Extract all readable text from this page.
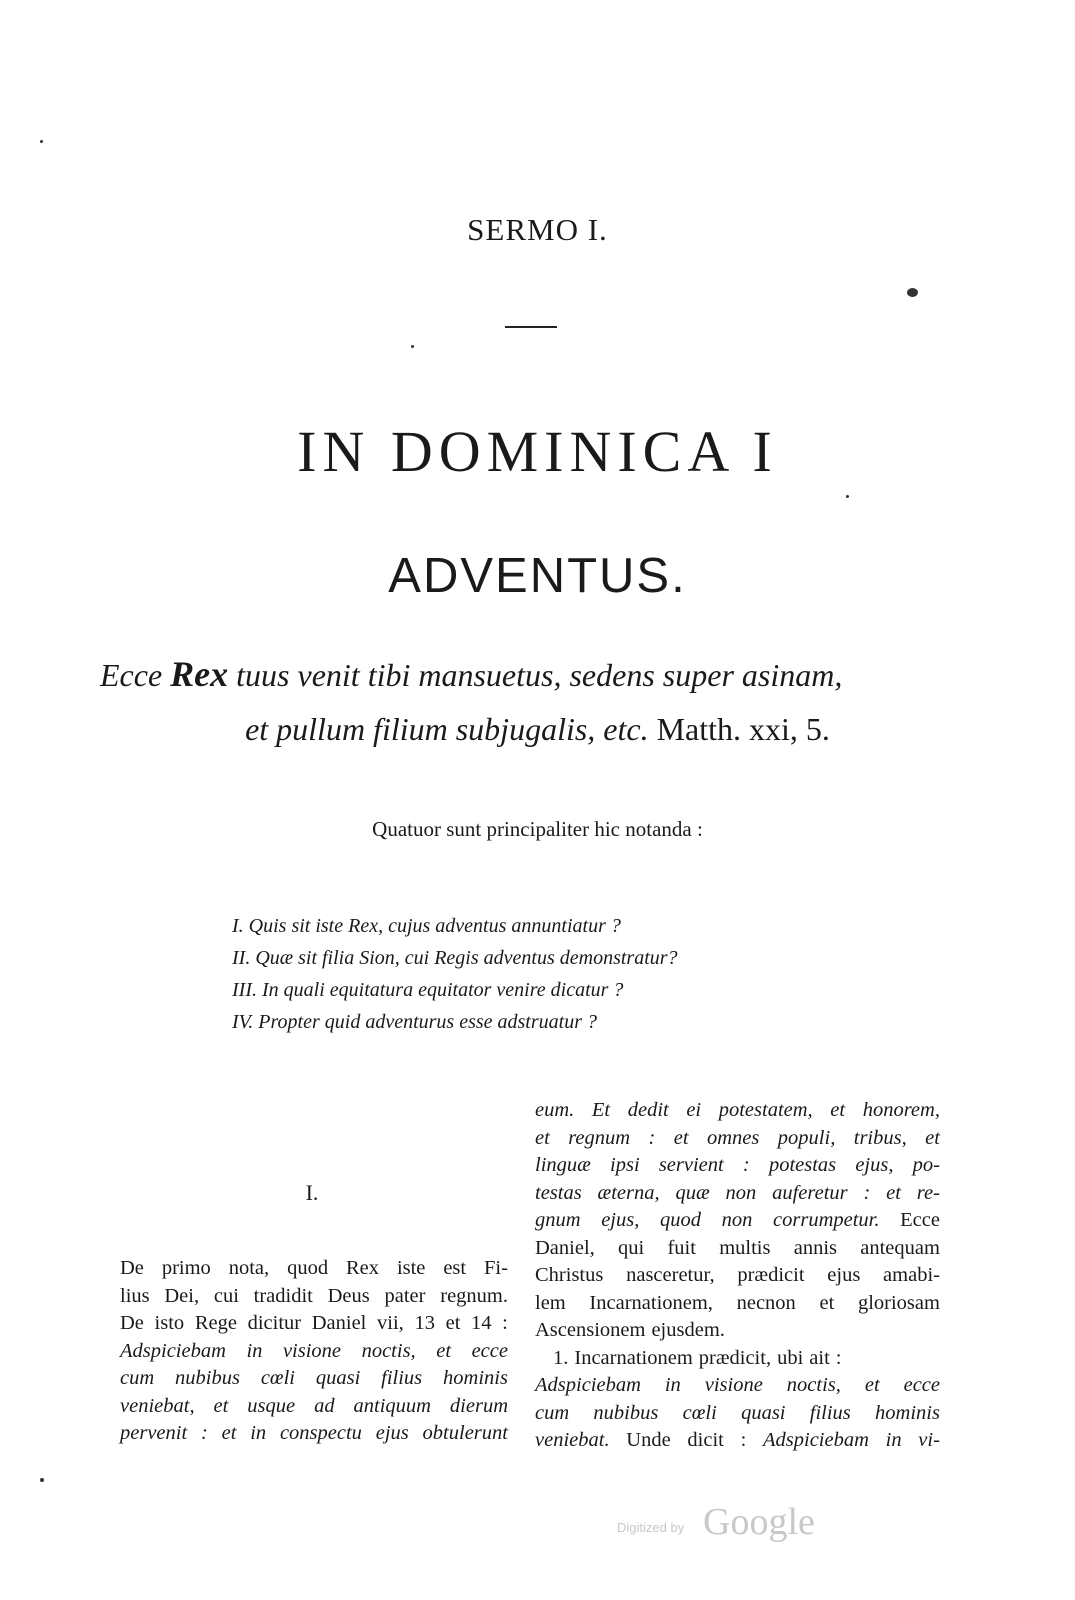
SERMO I.
IN DOMINICA I
ADVENTUS.
Ecce Rex tuus venit tibi mansuetus, sedens super asinam,
et pullum filium subjugalis, etc. Matth. xxi, 5.
Quatuor sunt principaliter hic notanda :
I. Quis sit iste Rex, cujus adventus annuntiatur ?
II. Quæ sit filia Sion, cui Regis adventus demonstratur?
III. In quali equitatura equitator venire dicatur ?
IV. Propter quid adventurus esse adstruatur ?
I.
De primo nota, quod Rex iste est Fi-
lius Dei, cui tradidit Deus pater regnum.
De isto Rege dicitur Daniel vii, 13 et 14 :
Adspiciebam in visione noctis, et ecce
cum nubibus cœli quasi filius hominis
veniebat, et usque ad antiquum dierum
pervenit : et in conspectu ejus obtulerunt
eum. Et dedit ei potestatem, et honorem,
et regnum : et omnes populi, tribus, et
linguæ ipsi servient : potestas ejus, po-
testas æterna, quæ non auferetur : et re-
gnum ejus, quod non corrumpetur. Ecce
Daniel, qui fuit multis annis antequam
Christus nasceretur, prædicit ejus amabi-
lem Incarnationem, necnon et gloriosam
Ascensionem ejusdem.
1. Incarnationem prædicit, ubi ait :
Adspiciebam in visione noctis, et ecce
cum nubibus cœli quasi filius hominis
veniebat. Unde dicit : Adspiciebam in vi-
Digitized by Google
